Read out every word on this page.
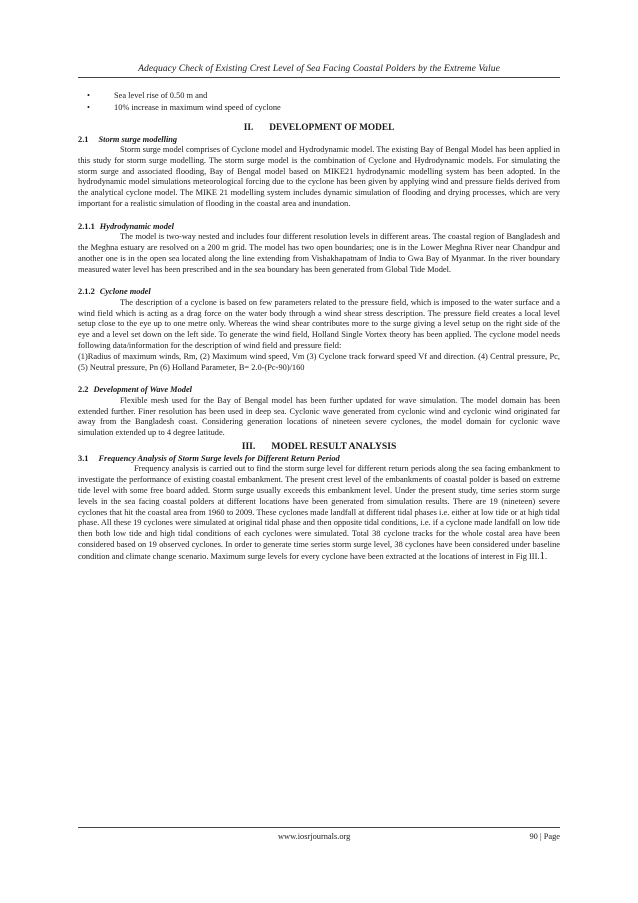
Adequacy Check of Existing Crest Level of Sea Facing Coastal Polders by the Extreme Value
•	Sea level rise of 0.50 m and
•	10% increase in maximum wind speed of cyclone
II. DEVELOPMENT OF MODEL
2.1 Storm surge modelling

Storm surge model comprises of Cyclone model and Hydrodynamic model. The existing Bay of Bengal Model has been applied in this study for storm surge modelling. The storm surge model is the combination of Cyclone and Hydrodynamic models. For simulating the storm surge and associated flooding, Bay of Bengal model based on MIKE21 hydrodynamic modelling system has been adopted. In the hydrodynamic model simulations meteorological forcing due to the cyclone has been given by applying wind and pressure fields derived from the analytical cyclone model. The MIKE 21 modelling system includes dynamic simulation of flooding and drying processes, which are very important for a realistic simulation of flooding in the coastal area and inundation.

2.1.1 Hydrodynamic model

The model is two-way nested and includes four different resolution levels in different areas. The coastal region of Bangladesh and the Meghna estuary are resolved on a 200 m grid. The model has two open boundaries; one is in the Lower Meghna River near Chandpur and another one is in the open sea located along the line extending from Vishakhapatnam of India to Gwa Bay of Myanmar. In the river boundary measured water level has been prescribed and in the sea boundary has been generated from Global Tide Model.

2.1.2 Cyclone model

The description of a cyclone is based on few parameters related to the pressure field, which is imposed to the water surface and a wind field which is acting as a drag force on the water body through a wind shear stress description. The pressure field creates a local level setup close to the eye up to one metre only. Whereas the wind shear contributes more to the surge giving a level setup on the right side of the eye and a level set down on the left side. To generate the wind field, Holland Single Vortex theory has been applied. The cyclone model needs following data/information for the description of wind field and pressure field:

(1)Radius of maximum winds, Rm, (2) Maximum wind speed, Vm (3) Cyclone track forward speed Vf and direction. (4) Central pressure, Pc, (5) Neutral pressure, Pn (6) Holland Parameter, B= 2.0-(Pc-90)/160

2.2 Development of Wave Model

Flexible mesh used for the Bay of Bengal model has been further updated for wave simulation. The model domain has been extended further. Finer resolution has been used in deep sea. Cyclonic wave generated from cyclonic wind and cyclonic wind originated far away from the Bangladesh coast. Considering generation locations of nineteen severe cyclones, the model domain for cyclonic wave simulation extended up to 4 degree latitude.

III. MODEL RESULT ANALYSIS
3.1 Frequency Analysis of Storm Surge levels for Different Return Period

Frequency analysis is carried out to find the storm surge level for different return periods along the sea facing embankment to investigate the performance of existing coastal embankment. The present crest level of the embankments of coastal polder is based on extreme tide level with some free board added. Storm surge usually exceeds this embankment level. Under the present study, time series storm surge levels in the sea facing coastal polders at different locations have been generated from simulation results. There are 19 (nineteen) severe cyclones that hit the coastal area from 1960 to 2009. These cyclones made landfall at different tidal phases i.e. either at low tide or at high tidal phase. All these 19 cyclones were simulated at original tidal phase and then opposite tidal conditions, i.e. if a cyclone made landfall on low tide then both low tide and high tidal conditions of each cyclones were simulated. Total 38 cyclone tracks for the whole costal area have been considered based on 19 observed cyclones. In order to generate time series storm surge level, 38 cyclones have been considered under baseline condition and climate change scenario. Maximum surge levels for every cyclone have been extracted at the locations of interest in Fig III.1.

www.iosrjournals.org	90 | Page
